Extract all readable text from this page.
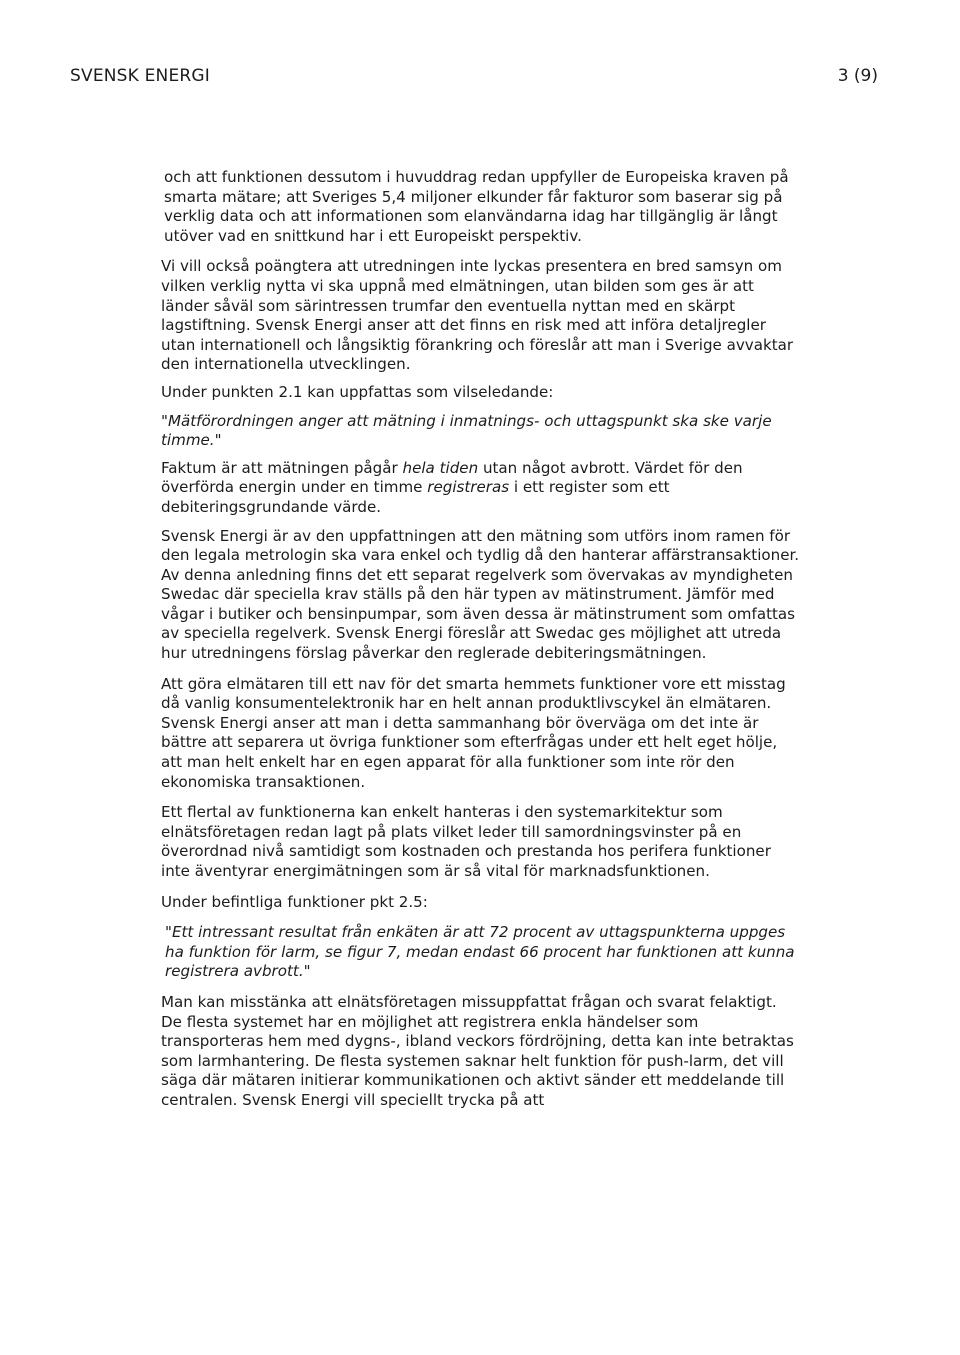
SVENSK ENERGI	3 (9)

och att funktionen dessutom i huvuddrag redan uppfyller de Europeiska kraven på smarta mätare; att Sveriges 5,4 miljoner elkunder får fakturor som baserar sig på verklig data och att informationen som elanvändarna idag har tillgänglig är långt utöver vad en snittkund har i ett Europeiskt perspektiv.

Vi vill också poängtera att utredningen inte lyckas presentera en bred samsyn om vilken verklig nytta vi ska uppnå med elmätningen, utan bilden som ges är att länder såväl som särintressen trumfar den eventuella nyttan med en skärpt lagstiftning. Svensk Energi anser att det finns en risk med att införa detaljregler utan internationell och långsiktig förankring och föreslår att man i Sverige avvaktar den internationella utvecklingen.

Under punkten 2.1 kan uppfattas som vilseledande:

"Mätförordningen anger att mätning i inmatnings- och uttagspunkt ska ske varje timme."

Faktum är att mätningen pågår hela tiden utan något avbrott. Värdet för den överförda energin under en timme registreras i ett register som ett debiteringsgrundande värde.

Svensk Energi är av den uppfattningen att den mätning som utförs inom ramen för den legala metrologin ska vara enkel och tydlig då den hanterar affärstransaktioner. Av denna anledning finns det ett separat regelverk som övervakas av myndigheten Swedac där speciella krav ställs på den här typen av mätinstrument. Jämför med vågar i butiker och bensinpumpar, som även dessa är mätinstrument som omfattas av speciella regelverk. Svensk Energi föreslår att Swedac ges möjlighet att utreda hur utredningens förslag påverkar den reglerade debiteringsmätningen.

Att göra elmätaren till ett nav för det smarta hemmets funktioner vore ett misstag då vanlig konsumentelektronik har en helt annan produktlivscykel än elmätaren. Svensk Energi anser att man i detta sammanhang bör överväga om det inte är bättre att separera ut övriga funktioner som efterfrågas under ett helt eget hölje, att man helt enkelt har en egen apparat för alla funktioner som inte rör den ekonomiska transaktionen.

Ett flertal av funktionerna kan enkelt hanteras i den systemarkitektur som elnätsföretagen redan lagt på plats vilket leder till samordningsvinster på en överordnad nivå samtidigt som kostnaden och prestanda hos perifera funktioner inte äventyrar energimätningen som är så vital för marknadsfunktionen.

Under befintliga funktioner pkt 2.5:

"Ett intressant resultat från enkäten är att 72 procent av uttagspunkterna uppges ha funktion för larm, se figur 7, medan endast 66 procent har funktionen att kunna registrera avbrott."

Man kan misstänka att elnätsföretagen missuppfattat frågan och svarat felaktigt. De flesta systemet har en möjlighet att registrera enkla händelser som transporteras hem med dygns-, ibland veckors fördröjning, detta kan inte betraktas som larmhantering. De flesta systemen saknar helt funktion för push-larm, det vill säga där mätaren initierar kommunikationen och aktivt sänder ett meddelande till centralen. Svensk Energi vill speciellt trycka på att
